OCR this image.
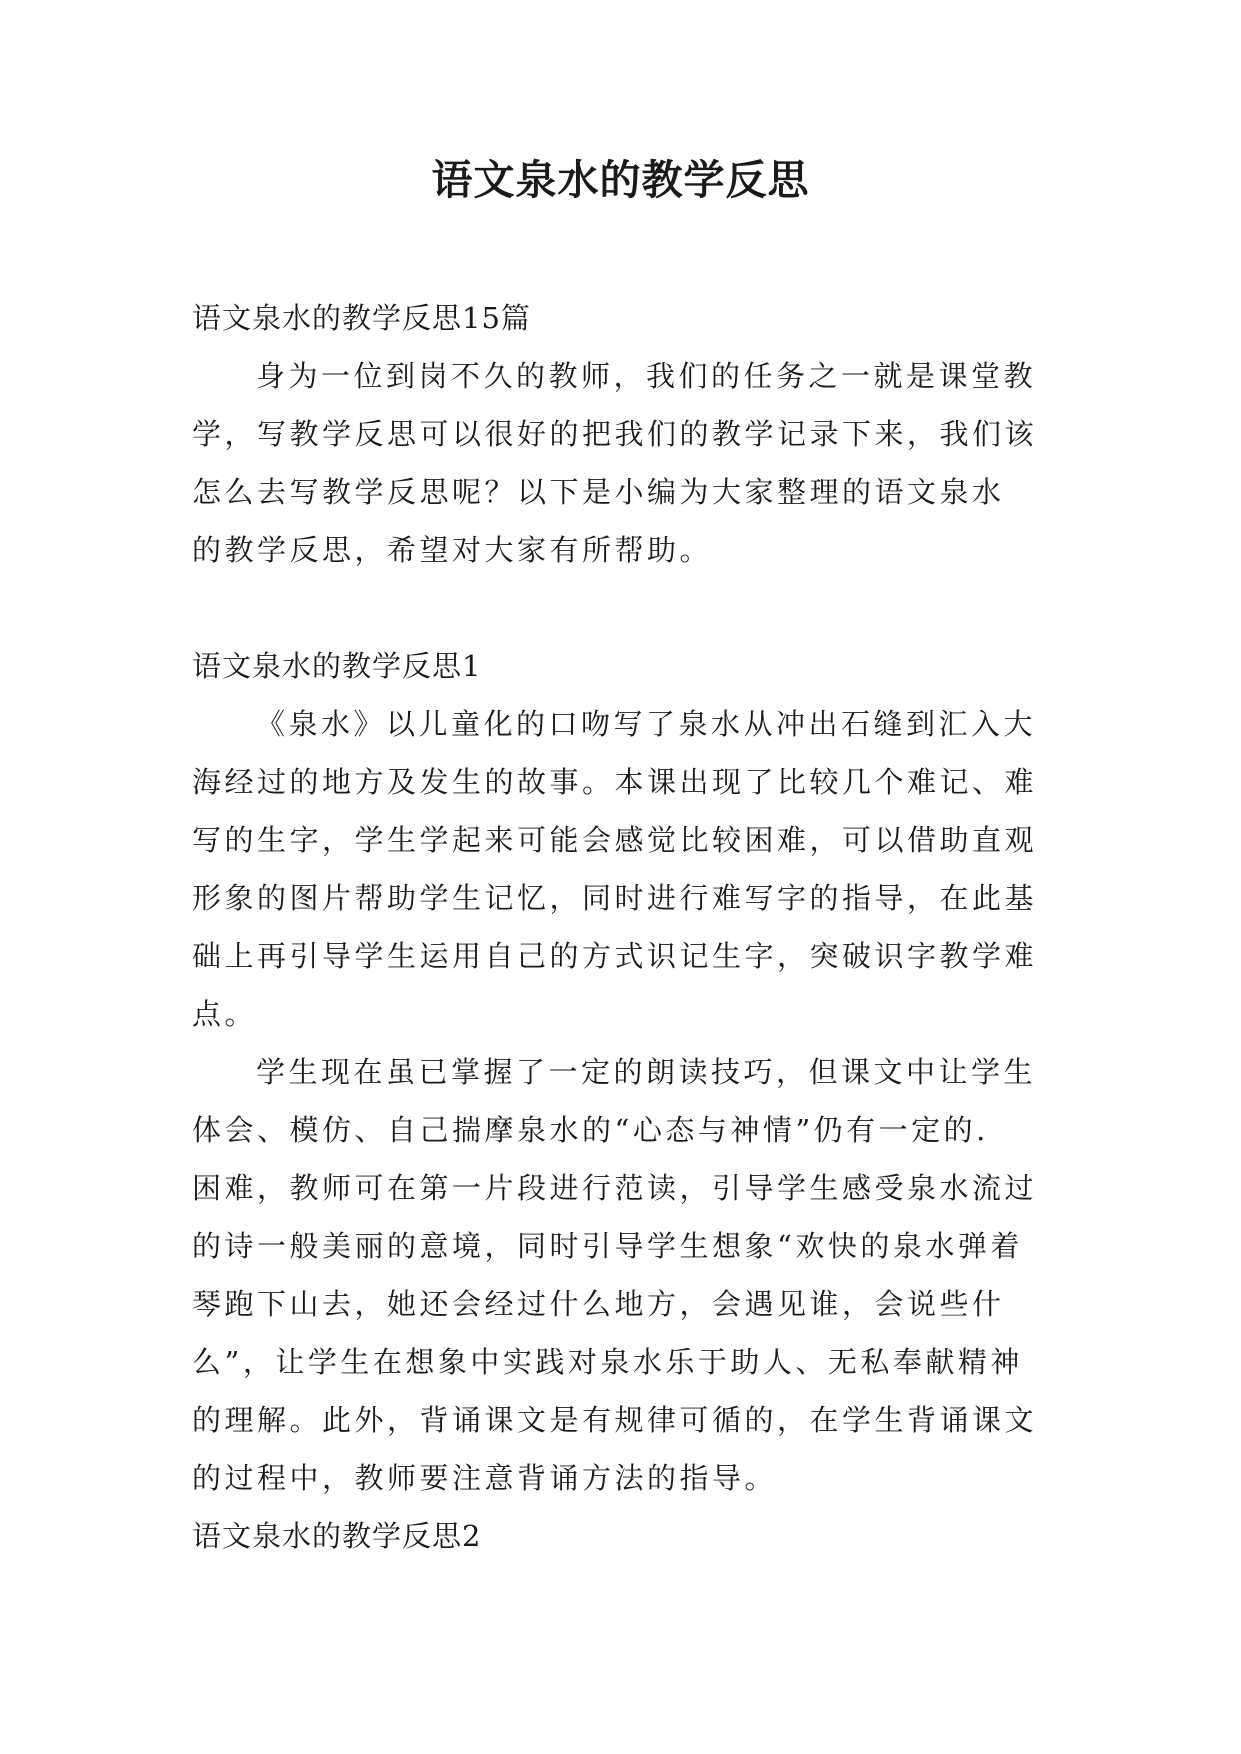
语文泉水的教学反思

语文泉水的教学反思15篇

身为一位到岗不久的教师，我们的任务之一就是课堂教

学，写教学反思可以很好的把我们的教学记录下来，我们该

怎么去写教学反思呢？以下是小编为大家整理的语文泉水

的教学反思，希望对大家有所帮助。

语文泉水的教学反思1

《泉水》以儿童化的口吻写了泉水从冲出石缝到汇入大

海经过的地方及发生的故事。本课出现了比较几个难记、难

写的生字，学生学起来可能会感觉比较困难，可以借助直观

形象的图片帮助学生记忆，同时进行难写字的指导，在此基

础上再引导学生运用自己的方式识记生字，突破识字教学难

点。

学生现在虽已掌握了一定的朗读技巧，但课文中让学生

体会、模仿、自己揣摩泉水的“心态与神情”仍有一定的.

困难，教师可在第一片段进行范读，引导学生感受泉水流过

的诗一般美丽的意境，同时引导学生想象“欢快的泉水弹着

琴跑下山去，她还会经过什么地方，会遇见谁，会说些什

么”，让学生在想象中实践对泉水乐于助人、无私奉献精神

的理解。此外，背诵课文是有规律可循的，在学生背诵课文

的过程中，教师要注意背诵方法的指导。

语文泉水的教学反思2
